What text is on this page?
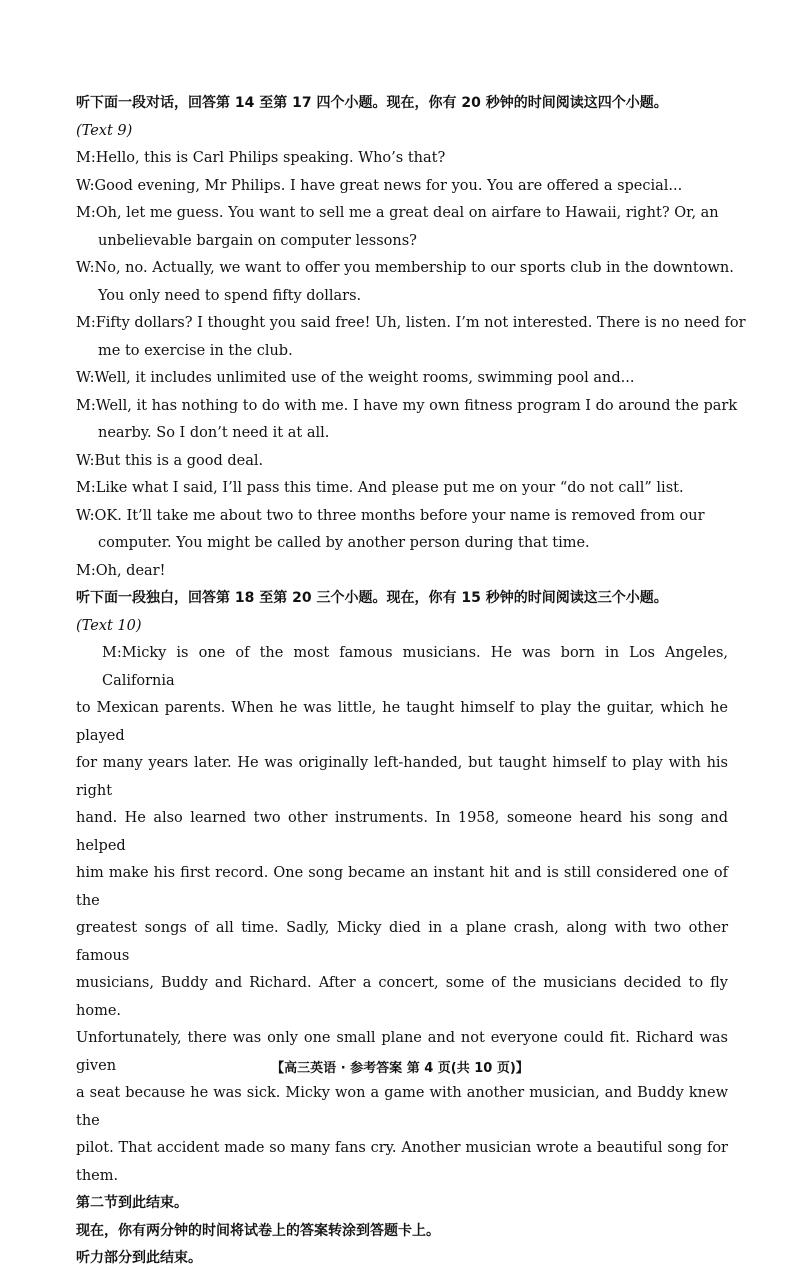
听下面一段对话，回答第 14 至第 17 四个小题。现在，你有 20 秒钟的时间阅读这四个小题。
(Text 9)
M:Hello, this is Carl Philips speaking. Who’s that?
W:Good evening, Mr Philips. I have great news for you. You are offered a special...
M:Oh, let me guess. You want to sell me a great deal on airfare to Hawaii, right? Or, an
unbelievable bargain on computer lessons?
W:No, no. Actually, we want to offer you membership to our sports club in the downtown.
You only need to spend fifty dollars.
M:Fifty dollars? I thought you said free! Uh, listen. I’m not interested. There is no need for
me to exercise in the club.
W:Well, it includes unlimited use of the weight rooms, swimming pool and...
M:Well, it has nothing to do with me. I have my own fitness program I do around the park
nearby. So I don’t need it at all.
W:But this is a good deal.
M:Like what I said, I’ll pass this time. And please put me on your “do not call” list.
W:OK. It’ll take me about two to three months before your name is removed from our
computer. You might be called by another person during that time.
M:Oh, dear!
听下面一段独白，回答第 18 至第 20 三个小题。现在，你有 15 秒钟的时间阅读这三个小题。
(Text 10)
M:Micky is one of the most famous musicians. He was born in Los Angeles, California
to Mexican parents. When he was little, he taught himself to play the guitar, which he played
for many years later. He was originally left-handed, but taught himself to play with his right
hand. He also learned two other instruments. In 1958, someone heard his song and helped
him make his first record. One song became an instant hit and is still considered one of the
greatest songs of all time. Sadly, Micky died in a plane crash, along with two other famous
musicians, Buddy and Richard. After a concert, some of the musicians decided to fly home.
Unfortunately, there was only one small plane and not everyone could fit. Richard was given
a seat because he was sick. Micky won a game with another musician, and Buddy knew the
pilot. That accident made so many fans cry. Another musician wrote a beautiful song for
them.
第二节到此结束。
现在，你有两分钟的时间将试卷上的答案转涂到答题卡上。
听力部分到此结束。
【高三英语 · 参考答案 第 4 页(共 10 页)】
